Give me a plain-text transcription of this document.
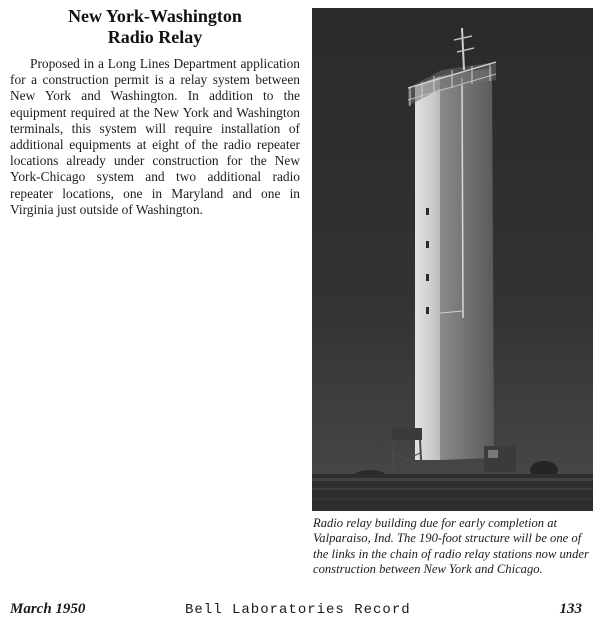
New York-Washington
Radio Relay

Proposed in a Long Lines Department application for a construction permit is a relay system between New York and Washington. In addition to the equipment required at the New York and Washington terminals, this system will require installation of additional equipments at eight of the radio repeater locations already under construction for the New York-Chicago system and two additional radio repeater locations, one in Maryland and one in Virginia just outside of Washington.

Radio relay building due for early completion at Valparaiso, Ind. The 190-foot structure will be one of the links in the chain of radio relay stations now under construction between New York and Chicago.
March 1950	Bell Laboratories Record	133
